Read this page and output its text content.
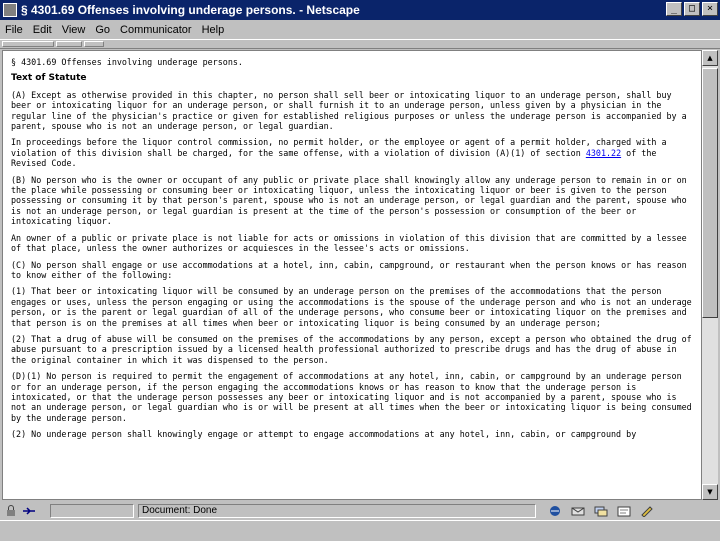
§ 4301.69 Offenses involving underage persons. - Netscape	_	□	×
File Edit View Go Communicator Help

§ 4301.69 Offenses involving underage persons.

Text of Statute

(A) Except as otherwise provided in this chapter, no person shall sell beer or intoxicating liquor to an underage person, shall buy beer or intoxicating liquor for an underage person, or shall furnish it to an underage person, unless given by a physician in the regular line of the physician's practice or given for established religious purposes or unless the underage person is accompanied by a parent, spouse who is not an underage person, or legal guardian.

In proceedings before the liquor control commission, no permit holder, or the employee or agent of a permit holder, charged with a violation of this division shall be charged, for the same offense, with a violation of division (A)(1) of section 4301.22 of the Revised Code.

(B) No person who is the owner or occupant of any public or private place shall knowingly allow any underage person to remain in or on the place while possessing or consuming beer or intoxicating liquor, unless the intoxicating liquor or beer is given to the person possessing or consuming it by that person's parent, spouse who is not an underage person, or legal guardian and the parent, spouse who is not an underage person, or legal guardian is present at the time of the person's possession or consumption of the beer or intoxicating liquor.

An owner of a public or private place is not liable for acts or omissions in violation of this division that are committed by a lessee of that place, unless the owner authorizes or acquiesces in the lessee's acts or omissions.

(C) No person shall engage or use accommodations at a hotel, inn, cabin, campground, or restaurant when the person knows or has reason to know either of the following:

(1) That beer or intoxicating liquor will be consumed by an underage person on the premises of the accommodations that the person engages or uses, unless the person engaging or using the accommodations is the spouse of the underage person and who is not an underage person, or is the parent or legal guardian of all of the underage persons, who consume beer or intoxicating liquor on the premises and that person is on the premises at all times when beer or intoxicating liquor is being consumed by an underage person;

(2) That a drug of abuse will be consumed on the premises of the accommodations by any person, except a person who obtained the drug of abuse pursuant to a prescription issued by a licensed health professional authorized to prescribe drugs and has the drug of abuse in the original container in which it was dispensed to the person.

(D)(1) No person is required to permit the engagement of accommodations at any hotel, inn, cabin, or campground by an underage person or for an underage person, if the person engaging the accommodations knows or has reason to know that the underage person is intoxicated, or that the underage person possesses any beer or intoxicating liquor and is not accompanied by a parent, spouse who is not an underage person, or legal guardian who is or will be present at all times when the beer or intoxicating liquor is being consumed by the underage person.

(2) No underage person shall knowingly engage or attempt to engage accommodations at any hotel, inn, cabin, or campground by

▲
▼
Document: Done
